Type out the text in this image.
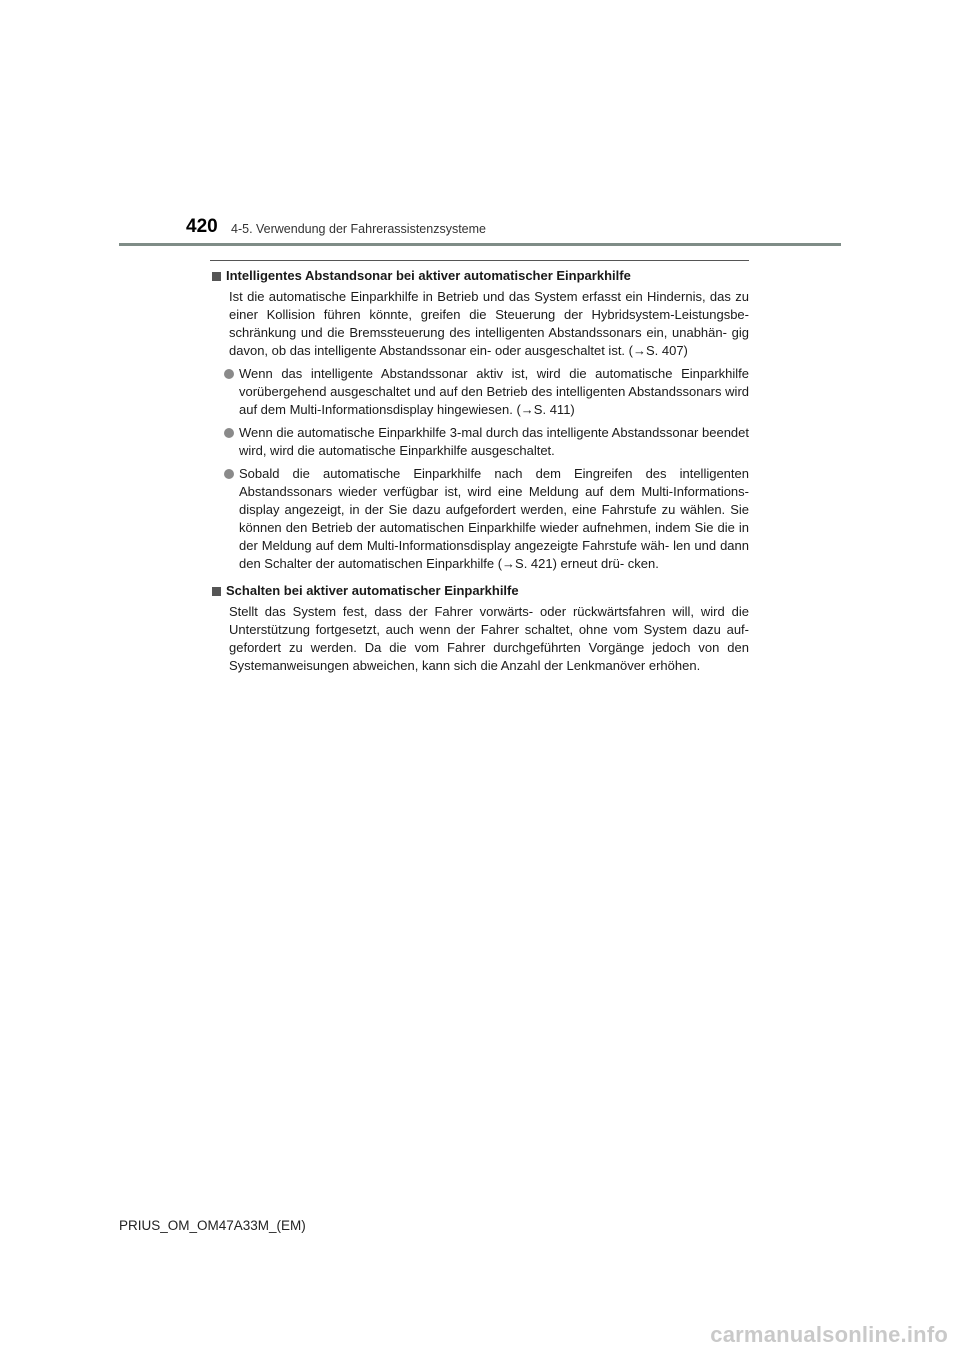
420 4-5. Verwendung der Fahrerassistenzsysteme
Intelligentes Abstandsonar bei aktiver automatischer Einparkhilfe
Ist die automatische Einparkhilfe in Betrieb und das System erfasst ein Hindernis, das zu einer Kollision führen könnte, greifen die Steuerung der Hybridsystem-Leistungsbe- schränkung und die Bremssteuerung des intelligenten Abstandssonars ein, unabhän- gig davon, ob das intelligente Abstandssonar ein- oder ausgeschaltet ist. (→S. 407)
Wenn das intelligente Abstandssonar aktiv ist, wird die automatische Einparkhilfe vorübergehend ausgeschaltet und auf den Betrieb des intelligenten Abstandssonars wird auf dem Multi-Informationsdisplay hingewiesen. (→S. 411)
Wenn die automatische Einparkhilfe 3-mal durch das intelligente Abstandssonar beendet wird, wird die automatische Einparkhilfe ausgeschaltet.
Sobald die automatische Einparkhilfe nach dem Eingreifen des intelligenten Abstandssonars wieder verfügbar ist, wird eine Meldung auf dem Multi-Informations- display angezeigt, in der Sie dazu aufgefordert werden, eine Fahrstufe zu wählen. Sie können den Betrieb der automatischen Einparkhilfe wieder aufnehmen, indem Sie die in der Meldung auf dem Multi-Informationsdisplay angezeigte Fahrstufe wäh- len und dann den Schalter der automatischen Einparkhilfe (→S. 421) erneut drü- cken.
Schalten bei aktiver automatischer Einparkhilfe
Stellt das System fest, dass der Fahrer vorwärts- oder rückwärtsfahren will, wird die Unterstützung fortgesetzt, auch wenn der Fahrer schaltet, ohne vom System dazu auf- gefordert zu werden. Da die vom Fahrer durchgeführten Vorgänge jedoch von den Systemanweisungen abweichen, kann sich die Anzahl der Lenkmanöver erhöhen.
PRIUS_OM_OM47A33M_(EM)
carmanualsonline.info
